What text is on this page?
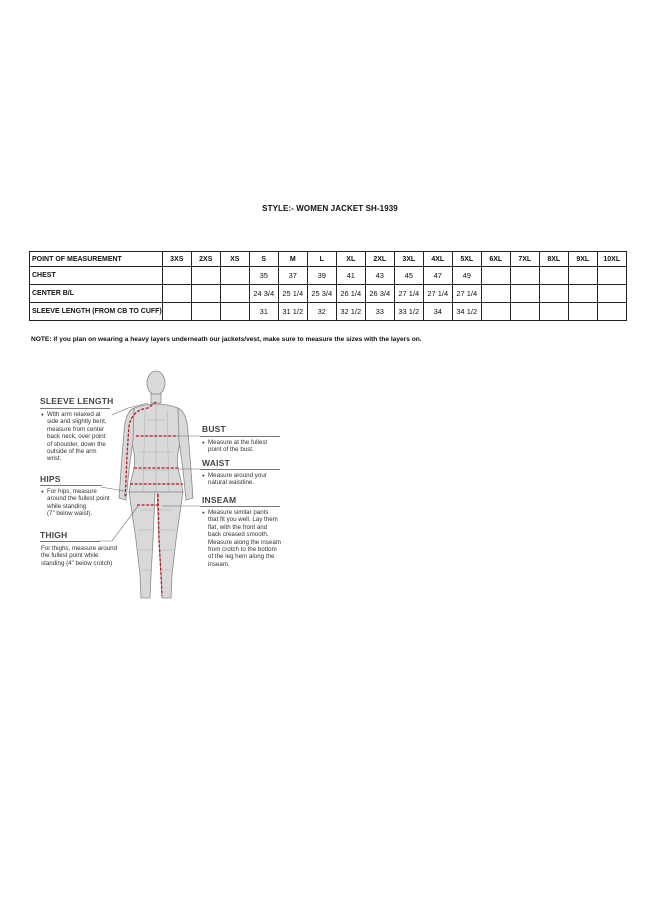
STYLE:- WOMEN JACKET SH-1939
POINT OF MEASUREMENT	3XS	2XS	XS	S	M	L	XL	2XL	3XL	4XL	5XL	6XL	7XL	8XL	9XL	10XL
CHEST				35	37	39	41	43	45	47	49					
CENTER B/L				24 3/4	25 1/4	25 3/4	26 1/4	26 3/4	27 1/4	27 1/4	27 1/4					
SLEEVE LENGTH (FROM CB TO CUFF)				31	31 1/2	32	32 1/2	33	33 1/2	34	34 1/2					
NOTE: if you plan on wearing a heavy layers underneath our jackets/vest, make sure to measure the sizes with the layers on.
SLEEVE LENGTH
● With arm relaxed at
side and slightly bent,
measure from center
back neck, over point
of shoulder, down the
outside of the arm
wrist.
HIPS
● For hips, measure
around the fullest point
while standing
(7" below waist).
THIGH
For thighs, measure around
the fullest point while
standing (4" below crotch)
BUST
● Measure at the fullest
point of the bust.
WAIST
● Measure around your
natural waistline.
INSEAM
● Measure similar pants
that fit you well. Lay them
flat, with the front and
back creased smooth.
Measure along the inseam
from crotch to the bottom
of the leg hem along the
inseam.
